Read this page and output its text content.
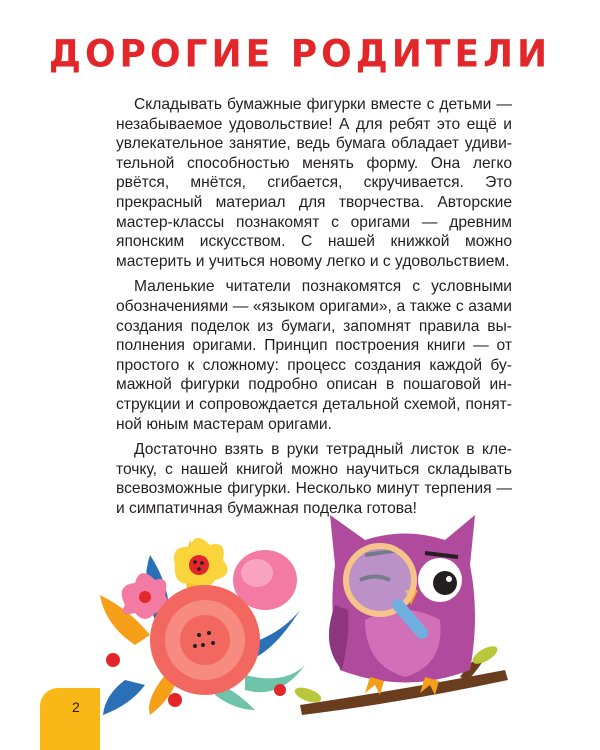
ДОРОГИЕ РОДИТЕЛИ

Складывать бумажные фигурки вместе с детьми — незабываемое удовольствие! А для ребят это ещё и увлекательное занятие, ведь бумага обладает удивительной способностью менять форму. Она легко рвётся, мнётся, сгибается, скручивается. Это прекрасный материал для творчества. Авторские мастер-классы познакомят с оригами — древним японским искусством. С нашей книжкой можно мастерить и учиться новому легко и с удовольствием.

Маленькие читатели познакомятся с условными обозначениями — «языком оригами», а также с азами создания поделок из бумаги, запомнят правила выполнения оригами. Принцип построения книги — от простого к сложному: процесс создания каждой бумажной фигурки подробно описан в пошаговой инструкции и сопровождается детальной схемой, понятной юным мастерам оригами.

Достаточно взять в руки тетрадный листок в клеточку, с нашей книгой можно научиться складывать всевозможные фигурки. Несколько минут терпения — и симпатичная бумажная поделка готова!

2
